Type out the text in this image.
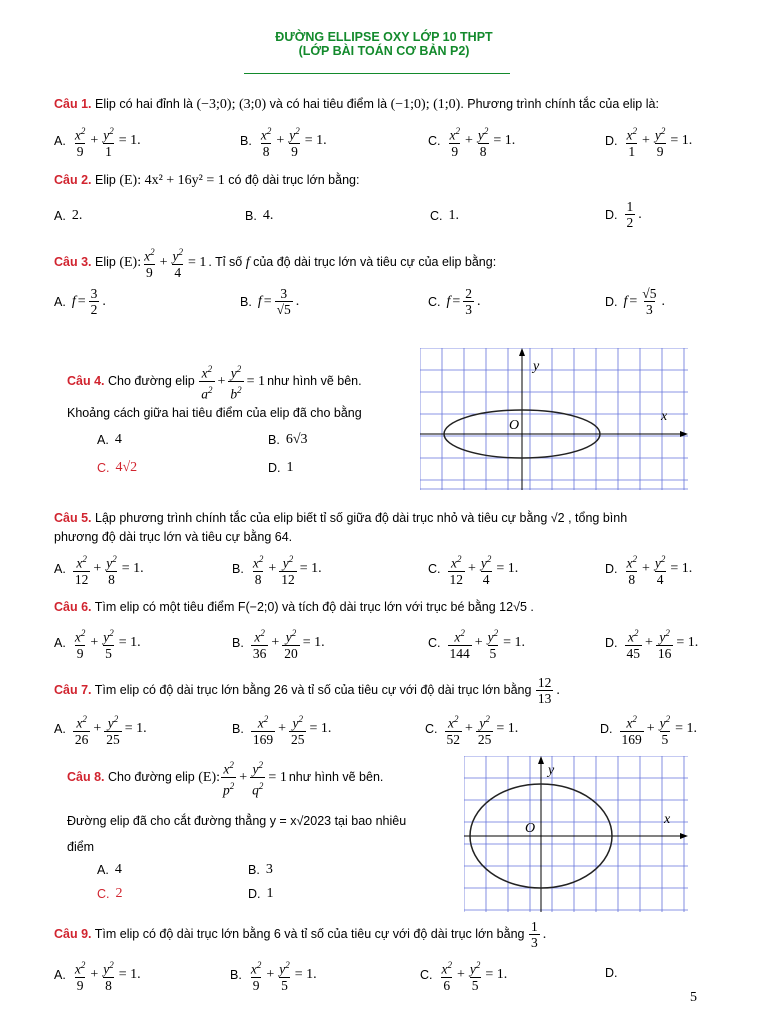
ĐƯỜNG ELLIPSE OXY LỚP 10 THPT
(LỚP BÀI TOÁN CƠ BẢN P2)
Câu 1. Elip có hai đỉnh là (−3;0); (3;0) và có hai tiêu điểm là (−1;0); (1;0). Phương trình chính tắc của elip là:
A. $\frac{x^2}{9} + \frac{y^2}{1} = 1$.	B. $\frac{x^2}{8} + \frac{y^2}{9} = 1$.	C. $\frac{x^2}{9} + \frac{y^2}{8} = 1$.	D. $\frac{x^2}{1} + \frac{y^2}{9} = 1$.
Câu 2. Elip (E): 4x² + 16y² = 1 có độ dài trục lớn bằng:
A. 2.	B. 4.	C. 1.	D. $\frac{1}{2}$ .
Câu 3. Elip (E): $\frac{x^2}{9} + \frac{y^2}{4} = 1$ . Tỉ số f của độ dài trục lớn và tiêu cự của elip bằng:
A. $f = \frac{3}{2}$ .	B. $f = \frac{3}{√5}$ .	C. $f = \frac{2}{3}$ .	D. $f = \frac{√5}{3}$ .
Câu 4. Cho đường elip $\frac{x^2}{a^2} + \frac{y^2}{b^2} = 1$ như hình vẽ bên.
Khoảng cách giữa hai tiêu điểm của elip đã cho bằng
A. 4	B. 6√3
C. 4√2	D. 1
y
x
O
Câu 5. Lập phương trình chính tắc của elip biết tỉ số giữa độ dài trục nhỏ và tiêu cự bằng √2 , tổng bình
phương độ dài trục lớn và tiêu cự bằng 64.
A. $\frac{x^2}{12} + \frac{y^2}{8} = 1$.	B. $\frac{x^2}{8} + \frac{y^2}{12} = 1$.	C. $\frac{x^2}{12} + \frac{y^2}{4} = 1$.	D. $\frac{x^2}{8} + \frac{y^2}{4} = 1$.
Câu 6. Tìm elip có một tiêu điểm F(−2;0) và tích độ dài trục lớn với trục bé bằng 12√5 .
A. $\frac{x^2}{9} + \frac{y^2}{5} = 1$.	B. $\frac{x^2}{36} + \frac{y^2}{20} = 1$.	C. $\frac{x^2}{144} + \frac{y^2}{5} = 1$.	D. $\frac{x^2}{45} + \frac{y^2}{16} = 1$.
Câu 7. Tìm elip có độ dài trục lớn bằng 26 và tỉ số của tiêu cự với độ dài trục lớn bằng $\frac{12}{13}$ .
A. $\frac{x^2}{26} + \frac{y^2}{25} = 1$.	B. $\frac{x^2}{169} + \frac{y^2}{25} = 1$.	C. $\frac{x^2}{52} + \frac{y^2}{25} = 1$.	D. $\frac{x^2}{169} + \frac{y^2}{5} = 1$.
Câu 8. Cho đường elip (E): $\frac{x^2}{p^2} + \frac{y^2}{q^2} = 1$ như hình vẽ bên.
Đường elip đã cho cắt đường thẳng y = x√2023 tại bao nhiêu
điểm
A. 4	B. 3
C. 2	D. 1
y
x
O
Câu 9. Tìm elip có độ dài trục lớn bằng 6 và tỉ số của tiêu cự với độ dài trục lớn bằng $\frac{1}{3}$ .
A. $\frac{x^2}{9} + \frac{y^2}{8} = 1$.	B. $\frac{x^2}{9} + \frac{y^2}{5} = 1$.	C. $\frac{x^2}{6} + \frac{y^2}{5} = 1$.	D.
5
